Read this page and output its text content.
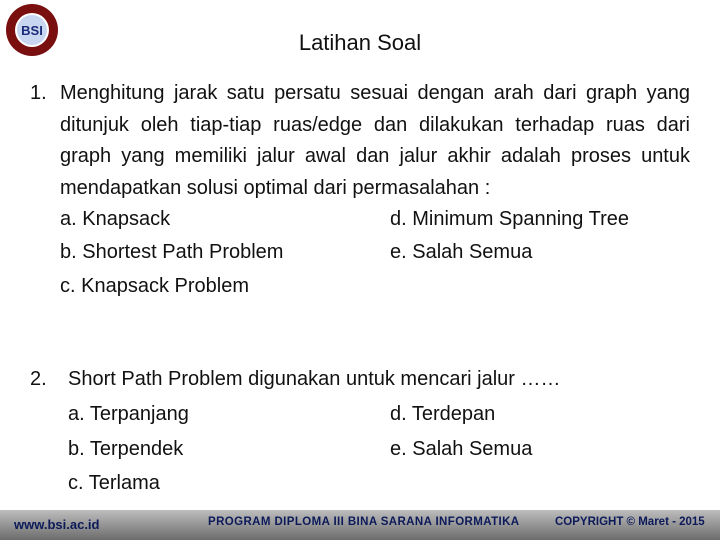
BSI	Latihan Soal
1. Menghitung jarak satu persatu sesuai dengan arah dari graph yang ditunjuk oleh tiap-tiap ruas/edge dan dilakukan terhadap ruas dari graph yang memiliki jalur awal dan jalur akhir adalah proses untuk mendapatkan solusi optimal dari permasalahan :
a. Knapsack
b. Shortest Path Problem
c. Knapsack Problem
d. Minimum Spanning Tree
e. Salah Semua
2. Short Path Problem digunakan untuk mencari jalur ……
a. Terpanjang
b. Terpendek
c. Terlama
d. Terdepan
e. Salah Semua
www.bsi.ac.id	PROGRAM DIPLOMA III BINA SARANA INFORMATIKA	COPYRIGHT © Maret - 2015
